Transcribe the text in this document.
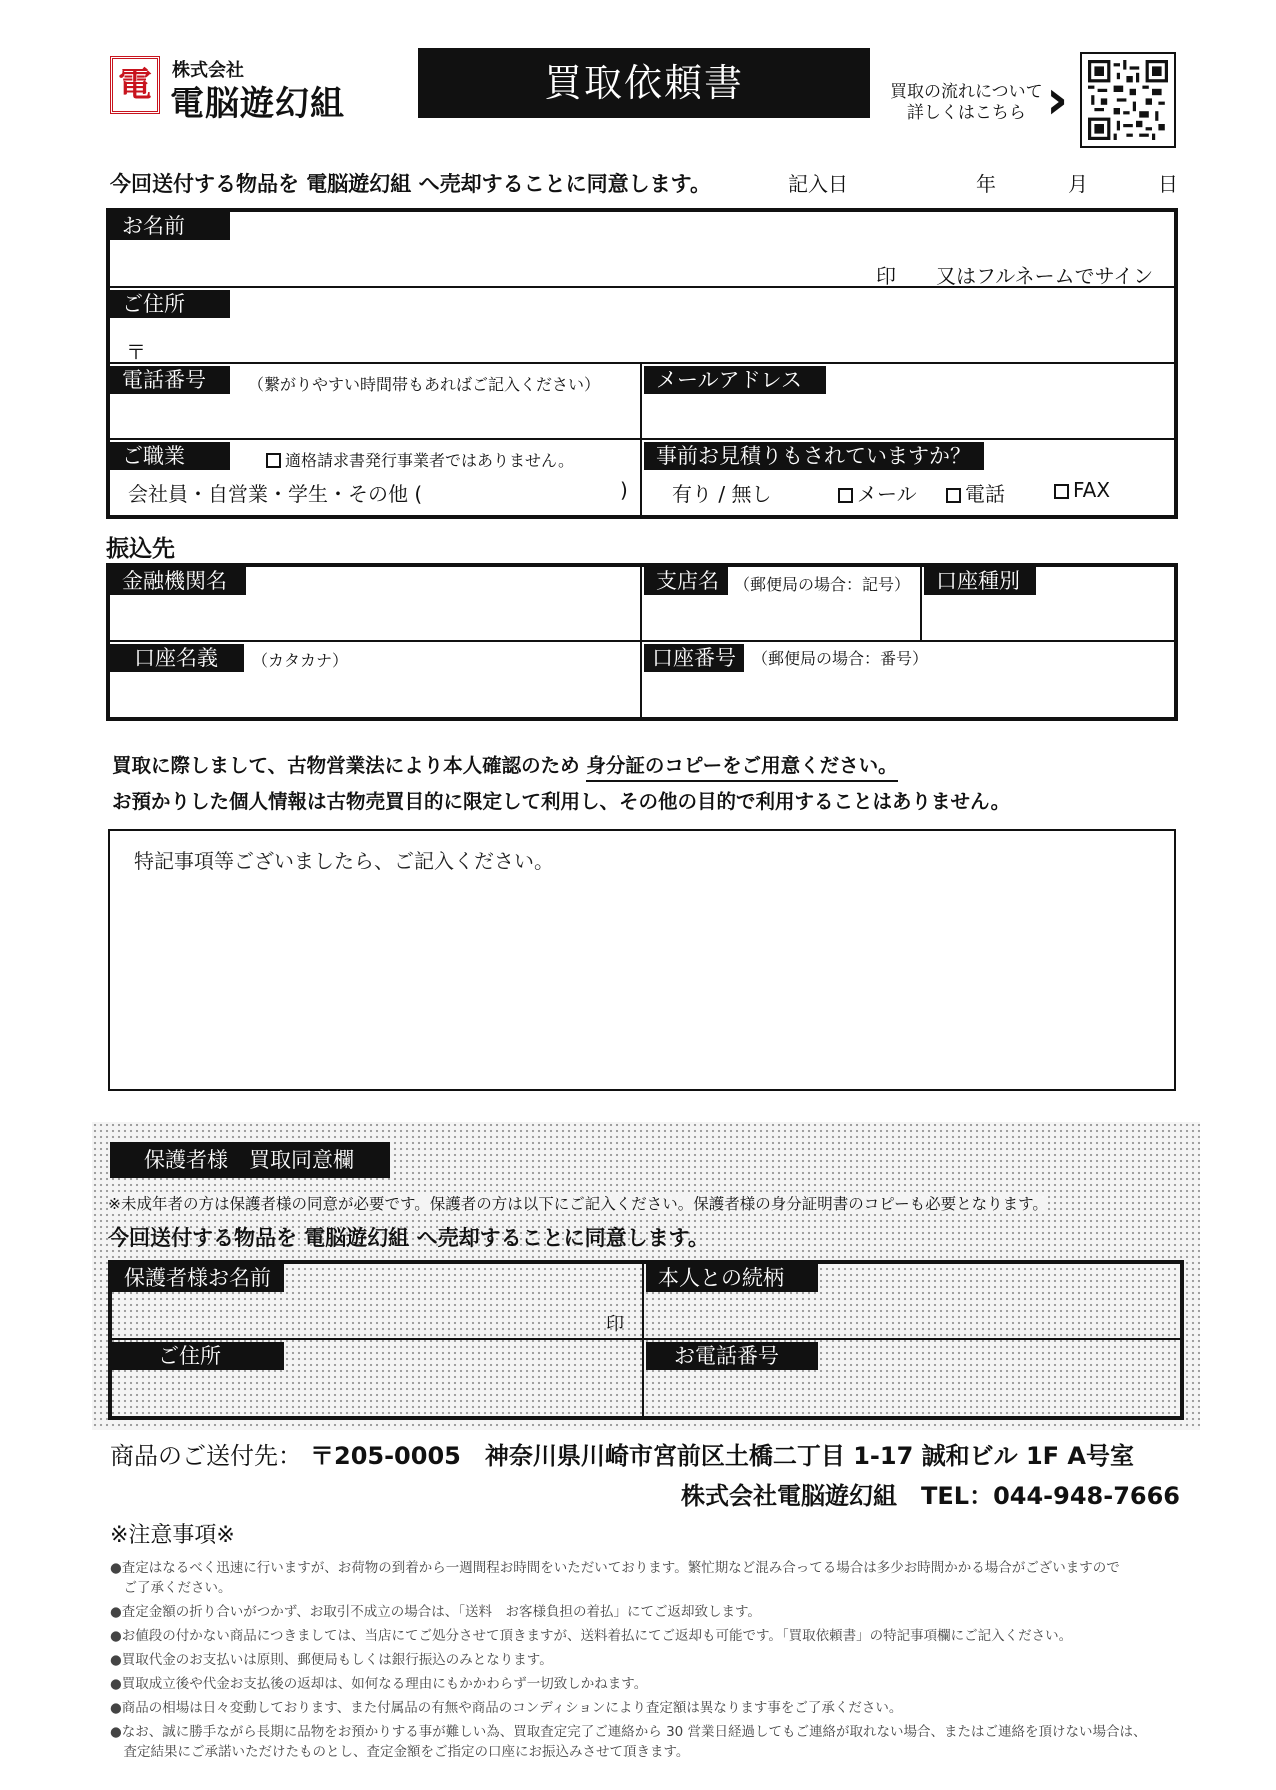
電	株式会社
電脳遊幻組	買取依頼書	買取の流れについて
詳しくはこちら ›
今回送付する物品を 電脳遊幻組 へ売却することに同意します。	記入日	年	月	日
お名前
印 又はフルネームでサイン
ご住所
〒
電話番号	（繋がりやすい時間帯もあればご記入ください）	メールアドレス
ご職業	適格請求書発行事業者ではありません。
会社員・自営業・学生・その他 (	)
事前お見積りもされていますか？
有り / 無し	メール	電話	FAX
振込先
金融機関名	支店名 （郵便局の場合：記号）	口座種別
口座名義	（カタカナ）	口座番号	（郵便局の場合：番号）
買取に際しまして、古物営業法により本人確認のため 身分証のコピーをご用意ください。
お預かりした個人情報は古物売買目的に限定して利用し、その他の目的で利用することはありません。
特記事項等ございましたら、ご記入ください。
保護者様　買取同意欄
※未成年者の方は保護者様の同意が必要です。保護者の方は以下にご記入ください。保護者様の身分証明書のコピーも必要となります。
今回送付する物品を 電脳遊幻組 へ売却することに同意します。
保護者様お名前
印
本人との続柄
ご住所	お電話番号
商品のご送付先： 〒205-0005　神奈川県川崎市宮前区土橋二丁目 1-17 誠和ビル 1F A号室
株式会社電脳遊幻組　TEL：044-948-7666
※注意事項※
●査定はなるべく迅速に行いますが、お荷物の到着から一週間程お時間をいただいております。繁忙期など混み合ってる場合は多少お時間かかる場合がございますので
　ご了承ください。
●査定金額の折り合いがつかず、お取引不成立の場合は、「送料　お客様負担の着払」にてご返却致します。
●お値段の付かない商品につきましては、当店にてご処分させて頂きますが、送料着払にてご返却も可能です。「買取依頼書」の特記事項欄にご記入ください。
●買取代金のお支払いは原則、郵便局もしくは銀行振込のみとなります。
●買取成立後や代金お支払後の返却は、如何なる理由にもかかわらず一切致しかねます。
●商品の相場は日々変動しております、また付属品の有無や商品のコンディションにより査定額は異なります事をご了承ください。
●なお、誠に勝手ながら長期に品物をお預かりする事が難しい為、買取査定完了ご連絡から 30 営業日経過してもご連絡が取れない場合、またはご連絡を頂けない場合は、
　査定結果にご承諾いただけたものとし、査定金額をご指定の口座にお振込みさせて頂きます。
